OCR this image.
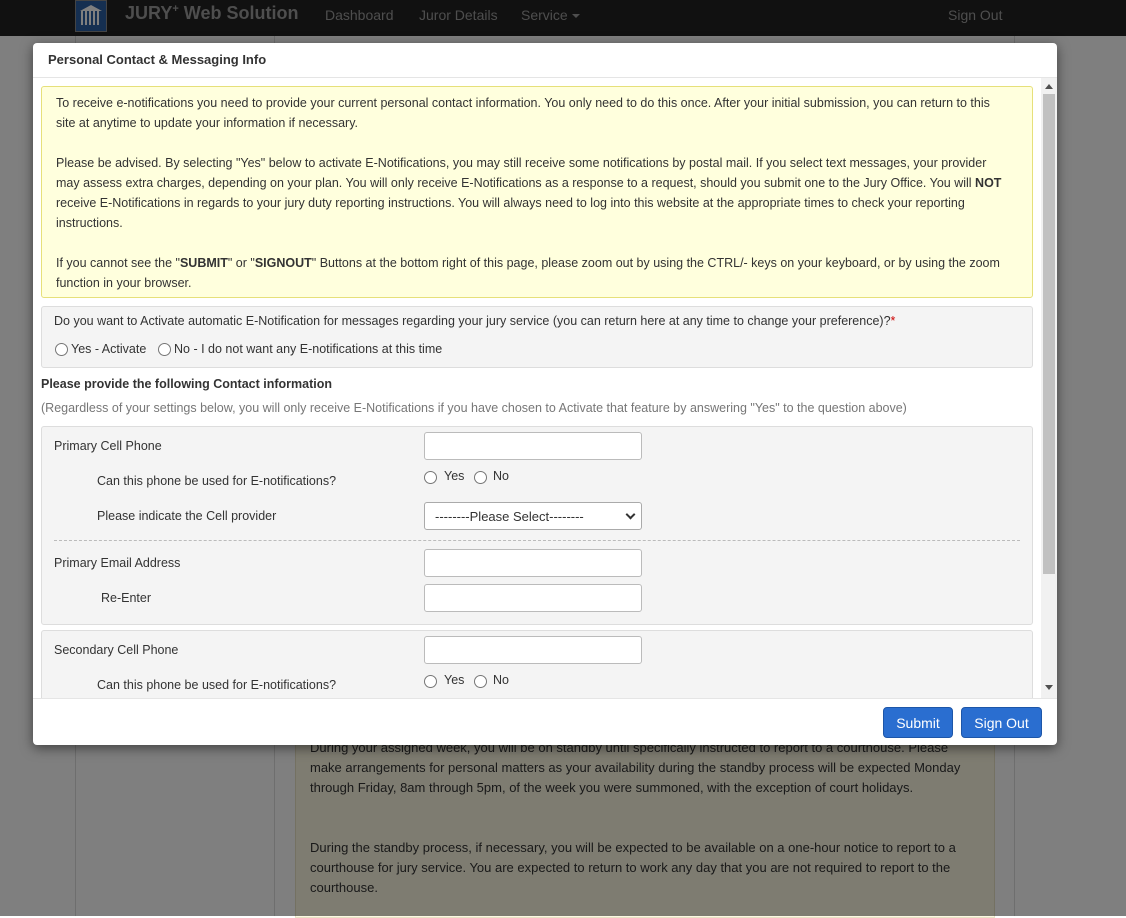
Personal Contact & Messaging Info

To receive e-notifications you need to provide your current personal contact information. You only need to do this once. After your initial submission, you can return to this site at anytime to update your information if necessary.

Please be advised. By selecting "Yes" below to activate E-Notifications, you may still receive some notifications by postal mail. If you select text messages, your provider may assess extra charges, depending on your plan. You will only receive E-Notifications as a response to a request, should you submit one to the Jury Office. You will NOT receive E-Notifications in regards to your jury duty reporting instructions. You will always need to log into this website at the appropriate times to check your reporting instructions.

If you cannot see the "SUBMIT" or "SIGNOUT" Buttons at the bottom right of this page, please zoom out by using the CTRL/- keys on your keyboard, or by using the zoom function in your browser.

Do you want to Activate automatic E-Notification for messages regarding your jury service (you can return here at any time to change your preference)?*
Yes - Activate No - I do not want any E-notifications at this time
Please provide the following Contact information
(Regardless of your settings below, you will only receive E-Notifications if you have chosen to Activate that feature by answering "Yes" to the question above)
Primary Cell Phone
Can this phone be used for E-notifications?	Yes No
Please indicate the Cell provider	--------Please Select--------
Primary Email Address
Re-Enter
Secondary Cell Phone
Can this phone be used for E-notifications?	Yes No
Submit	Sign Out
